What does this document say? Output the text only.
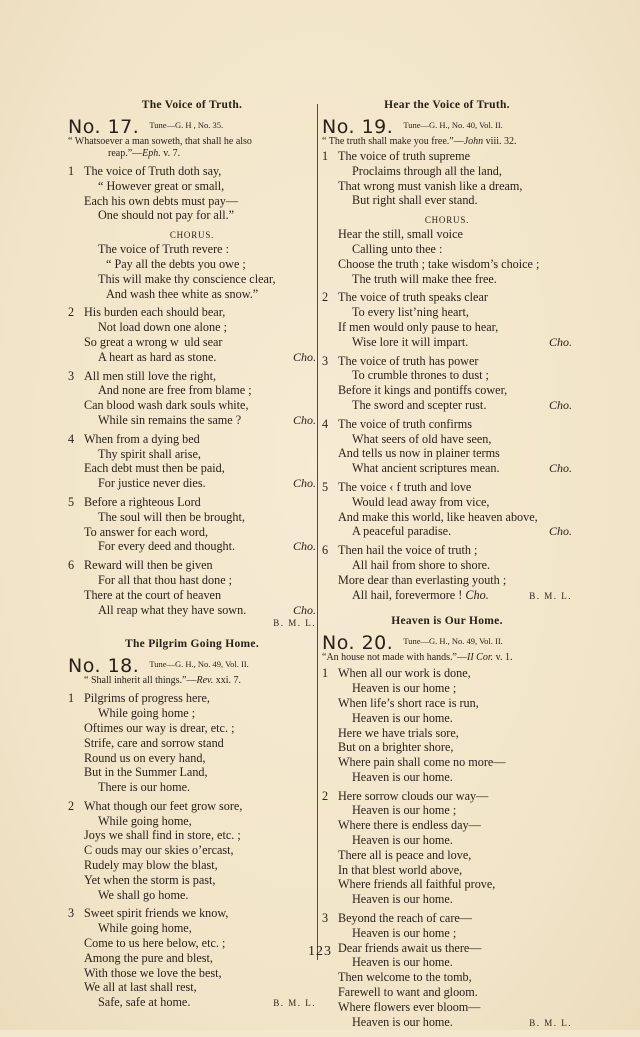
The Voice of Truth.
No. 17. $^{Tune—G. H , No. 35.}$
“ Whatsoever a man soweth, that shall he also
reap.”—Eph. v. 7.
1 The voice of Truth doth say,
“ However great or small,
Each his own debts must pay—
One should not pay for all.”
CHORUS.
The voice of Truth revere :
“ Pay all the debts you owe ;
This will make thy conscience clear,
And wash thee white as snow.”
2 His burden each should bear,
Not load down one alone ;
So great a wrong w  uld sear
A heart as hard as stone.	Cho.
3 All men still love the right,
And none are free from blame ;
Can blood wash dark souls white,
While sin remains the same ?	Cho.
4 When from a dying bed
Thy spirit shall arise,
Each debt must then be paid,
For justice never dies.	Cho.
5 Before a righteous Lord
The soul will then be brought,
To answer for each word,
For every deed and thought.	Cho.
6 Reward will then be given
For all that thou hast done ;
There at the court of heaven
All reap what they have sown.	Cho.
B. M. L.
The Pilgrim Going Home.
No. 18. $^{Tune—G. H., No. 49, Vol. II.}$
“ Shall inherit all things.”—Rev. xxi. 7.
1 Pilgrims of progress here,
While going home ;
Oftimes our way is drear, etc. ;
Strife, care and sorrow stand
Round us on every hand,
But in the Summer Land,
There is our home.
2 What though our feet grow sore,
While going home,
Joys we shall find in store, etc. ;
C ouds may our skies o’ercast,
Rudely may blow the blast,
Yet when the storm is past,
We shall go home.
3 Sweet spirit friends we know,
While going home,
Come to us here below, etc. ;
Among the pure and blest,
With those we love the best,
We all at last shall rest,
Safe, safe at home.	B. M. L.
Hear the Voice of Truth.
No. 19. $^{Tune—G. H., No. 40, Vol. II.}$
“ The truth shall make you free.”—John viii. 32.
1 The voice of truth supreme
Proclaims through all the land,
That wrong must vanish like a dream,
But right shall ever stand.
CHORUS.
Hear the still, small voice
Calling unto thee :
Choose the truth ; take wisdom’s choice ;
The truth will make thee free.
2 The voice of truth speaks clear
To every list’ning heart,
If men would only pause to hear,
Wise lore it will impart.	Cho.
3 The voice of truth has power
To crumble thrones to dust ;
Before it kings and pontiffs cower,
The sword and scepter rust.	Cho.
4 The voice of truth confirms
What seers of old have seen,
And tells us now in plainer terms
What ancient scriptures mean.	Cho.
5 The voice ‹ f truth and love
Would lead away from vice,
And make this world, like heaven above,
A peaceful paradise.	Cho.
6 Then hail the voice of truth ;
All hail from shore to shore.
More dear than everlasting youth ;
All hail, forevermore ! Cho.	B. M. L.
Heaven is Our Home.
No. 20. $^{Tune—G. H., No. 49, Vol. II.}$
“An house not made with hands.”—II Cor. v. 1.
1 When all our work is done,
Heaven is our home ;
When life’s short race is run,
Heaven is our home.
Here we have trials sore,
But on a brighter shore,
Where pain shall come no more—
Heaven is our home.
2 Here sorrow clouds our way—
Heaven is our home ;
Where there is endless day—
Heaven is our home.
There all is peace and love,
In that blest world above,
Where friends all faithful prove,
Heaven is our home.
3 Beyond the reach of care—
Heaven is our home ;
Dear friends await us there—
Heaven is our home.
Then welcome to the tomb,
Farewell to want and gloom.
Where flowers ever bloom—
Heaven is our home.	B. M. L.
123
